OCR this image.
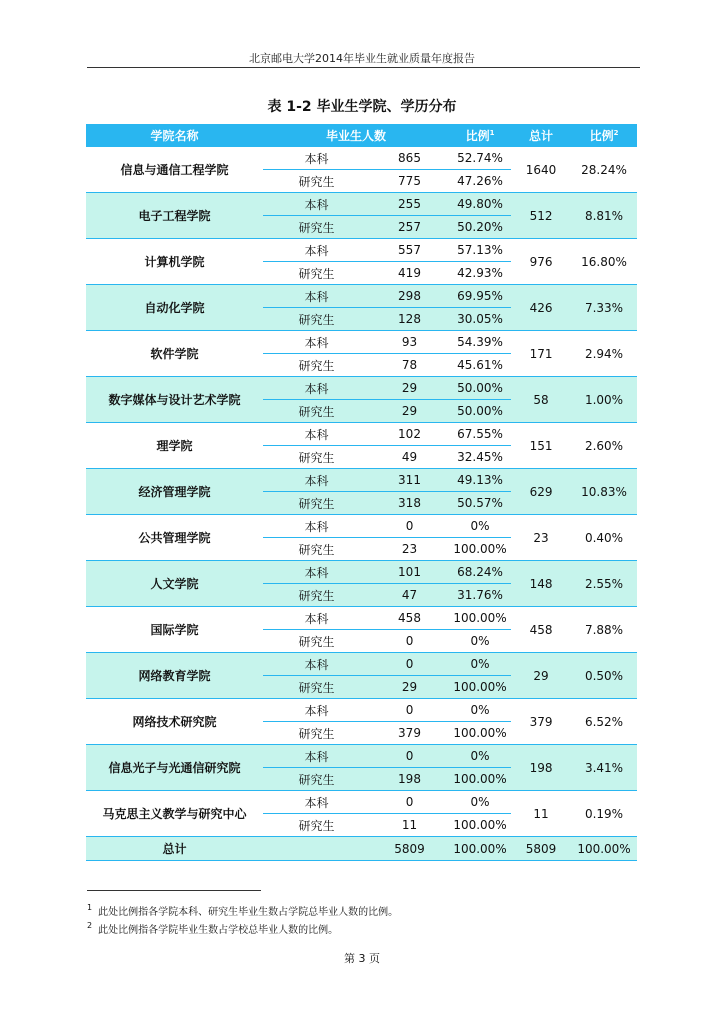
北京邮电大学2014年毕业生就业质量年度报告
表 1-2 毕业生学院、学历分布
学院名称	毕业生人数		比例$^1$	总计	比例$^2$
信息与通信工程学院	本科	865	52.74%	1640	28.24%
	研究生	775	47.26%		
电子工程学院	本科	255	49.80%	512	8.81%
	研究生	257	50.20%		
计算机学院	本科	557	57.13%	976	16.80%
	研究生	419	42.93%		
自动化学院	本科	298	69.95%	426	7.33%
	研究生	128	30.05%		
软件学院	本科	93	54.39%	171	2.94%
	研究生	78	45.61%		
数字媒体与设计艺术学院	本科	29	50.00%	58	1.00%
	研究生	29	50.00%		
理学院	本科	102	67.55%	151	2.60%
	研究生	49	32.45%		
经济管理学院	本科	311	49.13%	629	10.83%
	研究生	318	50.57%		
公共管理学院	本科	0	0%	23	0.40%
	研究生	23	100.00%		
人文学院	本科	101	68.24%	148	2.55%
	研究生	47	31.76%		
国际学院	本科	458	100.00%	458	7.88%
	研究生	0	0%		
网络教育学院	本科	0	0%	29	0.50%
	研究生	29	100.00%		
网络技术研究院	本科	0	0%	379	6.52%
	研究生	379	100.00%		
信息光子与光通信研究院	本科	0	0%	198	3.41%
	研究生	198	100.00%		
马克思主义教学与研究中心	本科	0	0%	11	0.19%
	研究生	11	100.00%		
总计		5809	100.00%	5809	100.00%
$^1$ 此处比例指各学院本科、研究生毕业生数占学院总毕业人数的比例。
$^2$ 此处比例指各学院毕业生数占学校总毕业人数的比例。
第 3 页
